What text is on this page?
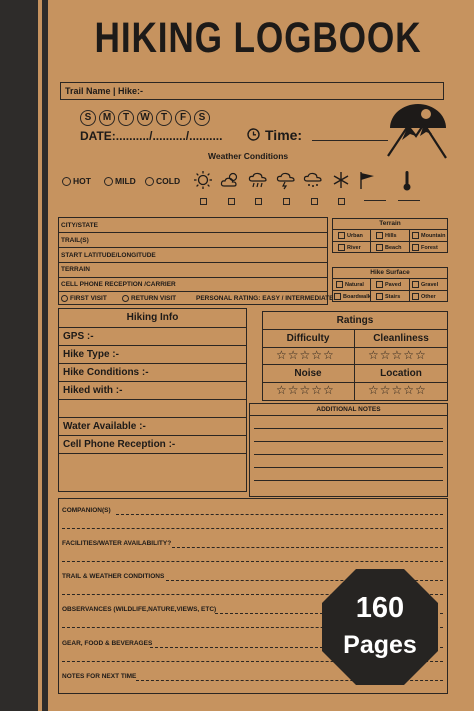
HIKING LOGBOOK
Trail Name | Hike:-
S	M	T	W	T	F	S
DATE:........../........../..........	Time:
Weather Conditions
HOT	MILD	COLD
CITY/STATE
TRAIL(S)
START LATITUDE/LONGITUDE
TERRAIN
CELL PHONE RECEPTION /CARRIER
FIRST VISIT	RETURN VISIT	PERSONAL RATING: EASY / INTERMEDIATE
Terrain
Urban	Hills	Mountain
River	Beach	Forest
Hike Surface
Natural	Paved	Gravel
Boardwalk	Stairs	Other
Hiking Info
GPS :-
Hike Type :-
Hike Conditions :-
Hiked with :-
Water Available :-
Cell Phone Reception :-
Ratings
Difficulty	Cleanliness
☆☆☆☆☆	☆☆☆☆☆
Noise	Location
☆☆☆☆☆	☆☆☆☆☆
ADDITIONAL NOTES
COMPANION(S)
FACILITIES/WATER AVAILABILITY?
TRAIL & WEATHER CONDITIONS
OBSERVANCES (WILDLIFE,NATURE,VIEWS, ETC)
GEAR, FOOD & BEVERAGES
NOTES FOR NEXT TIME
160
Pages
